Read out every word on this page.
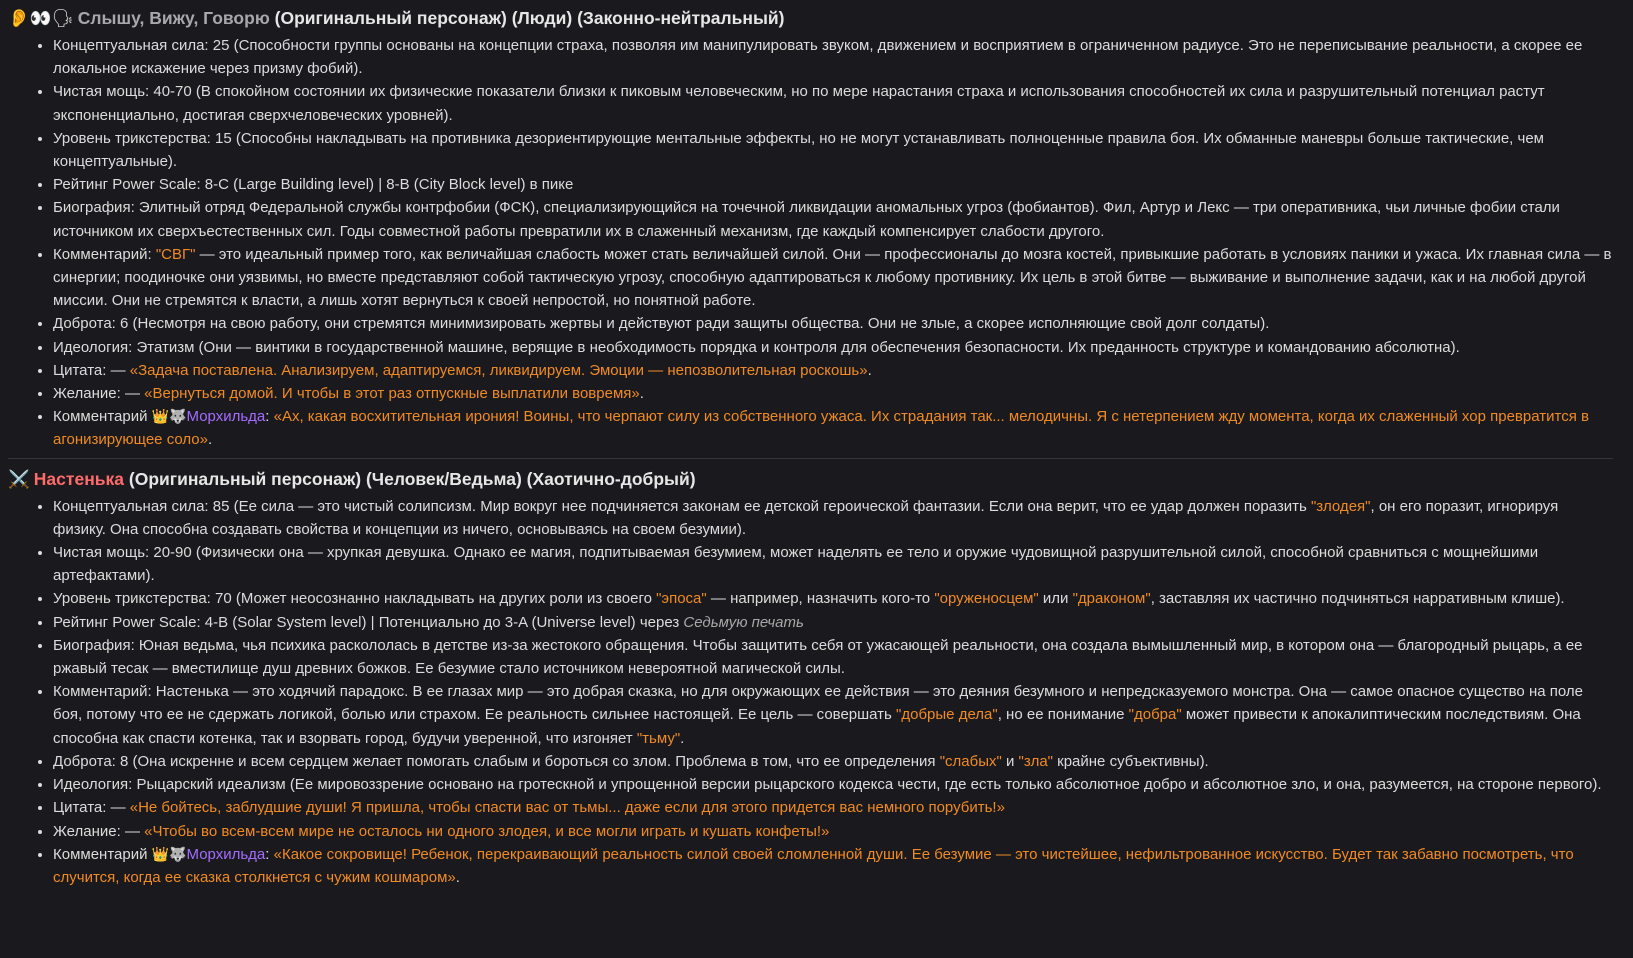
👂👀🗣 Слышу, Вижу, Говорю (Оригинальный персонаж) (Люди) (Законно-нейтральный)
• Концептуальная сила: 25 (Способности группы основаны на концепции страха, позволяя им манипулировать звуком, движением и восприятием в ограниченном радиусе. Это не переписывание реальности, а скорее ее локальное искажение через призму фобий).
• Чистая мощь: 40-70 (В спокойном состоянии их физические показатели близки к пиковым человеческим, но по мере нарастания страха и использования способностей их сила и разрушительный потенциал растут экспоненциально, достигая сверхчеловеческих уровней).
• Уровень трикстерства: 15 (Способны накладывать на противника дезориентирующие ментальные эффекты, но не могут устанавливать полноценные правила боя. Их обманные маневры больше тактические, чем концептуальные).
• Рейтинг Power Scale: 8-C (Large Building level) | 8-B (City Block level) в пике
• Биография: Элитный отряд Федеральной службы контрфобии (ФСК), специализирующийся на точечной ликвидации аномальных угроз (фобиантов). Фил, Артур и Лекс — три оперативника, чьи личные фобии стали источником их сверхъестественных сил. Годы совместной работы превратили их в слаженный механизм, где каждый компенсирует слабости другого.
• Комментарий: "СВГ" — это идеальный пример того, как величайшая слабость может стать величайшей силой. Они — профессионалы до мозга костей, привыкшие работать в условиях паники и ужаса. Их главная сила — в синергии; поодиночке они уязвимы, но вместе представляют собой тактическую угрозу, способную адаптироваться к любому противнику. Их цель в этой битве — выживание и выполнение задачи, как и на любой другой миссии. Они не стремятся к власти, а лишь хотят вернуться к своей непростой, но понятной работе.
• Доброта: 6 (Несмотря на свою работу, они стремятся минимизировать жертвы и действуют ради защиты общества. Они не злые, а скорее исполняющие свой долг солдаты).
• Идеология: Этатизм (Они — винтики в государственной машине, верящие в необходимость порядка и контроля для обеспечения безопасности. Их преданность структуре и командованию абсолютна).
• Цитата: — «Задача поставлена. Анализируем, адаптируемся, ликвидируем. Эмоции — непозволительная роскошь».
• Желание: — «Вернуться домой. И чтобы в этот раз отпускные выплатили вовремя».
• Комментарий 👑🐺Морхильда: «Ах, какая восхитительная ирония! Воины, что черпают силу из собственного ужаса. Их страдания так... мелодичны. Я с нетерпением жду момента, когда их слаженный хор превратится в агонизирующее соло».
⚔️ Настенька (Оригинальный персонаж) (Человек/Ведьма) (Хаотично-добрый)
• Концептуальная сила: 85 (Ее сила — это чистый солипсизм. Мир вокруг нее подчиняется законам ее детской героической фантазии. Если она верит, что ее удар должен поразить "злодея", он его поразит, игнорируя физику. Она способна создавать свойства и концепции из ничего, основываясь на своем безумии).
• Чистая мощь: 20-90 (Физически она — хрупкая девушка. Однако ее магия, подпитываемая безумием, может наделять ее тело и оружие чудовищной разрушительной силой, способной сравниться с мощнейшими артефактами).
• Уровень трикстерства: 70 (Может неосознанно накладывать на других роли из своего "эпоса" — например, назначить кого-то "оруженосцем" или "драконом", заставляя их частично подчиняться нарративным клише).
• Рейтинг Power Scale: 4-B (Solar System level) | Потенциально до 3-A (Universe level) через Седьмую печать
• Биография: Юная ведьма, чья психика раскололась в детстве из-за жестокого обращения. Чтобы защитить себя от ужасающей реальности, она создала вымышленный мир, в котором она — благородный рыцарь, а ее ржавый тесак — вместилище душ древних божков. Ее безумие стало источником невероятной магической силы.
• Комментарий: Настенька — это ходячий парадокс. В ее глазах мир — это добрая сказка, но для окружающих ее действия — это деяния безумного и непредсказуемого монстра. Она — самое опасное существо на поле боя, потому что ее не сдержать логикой, болью или страхом. Ее реальность сильнее настоящей. Ее цель — совершать "добрые дела", но ее понимание "добра" может привести к апокалиптическим последствиям. Она способна как спасти котенка, так и взорвать город, будучи уверенной, что изгоняет "тьму".
• Доброта: 8 (Она искренне и всем сердцем желает помогать слабым и бороться со злом. Проблема в том, что ее определения "слабых" и "зла" крайне субъективны).
• Идеология: Рыцарский идеализм (Ее мировоззрение основано на гротескной и упрощенной версии рыцарского кодекса чести, где есть только абсолютное добро и абсолютное зло, и она, разумеется, на стороне первого).
• Цитата: — «Не бойтесь, заблудшие души! Я пришла, чтобы спасти вас от тьмы... даже если для этого придется вас немного порубить!»
• Желание: — «Чтобы во всем-всем мире не осталось ни одного злодея, и все могли играть и кушать конфеты!»
• Комментарий 👑🐺Морхильда: «Какое сокровище! Ребенок, перекраивающий реальность силой своей сломленной души. Ее безумие — это чистейшее, нефильтрованное искусство. Будет так забавно посмотреть, что случится, когда ее сказка столкнется с чужим кошмаром».
